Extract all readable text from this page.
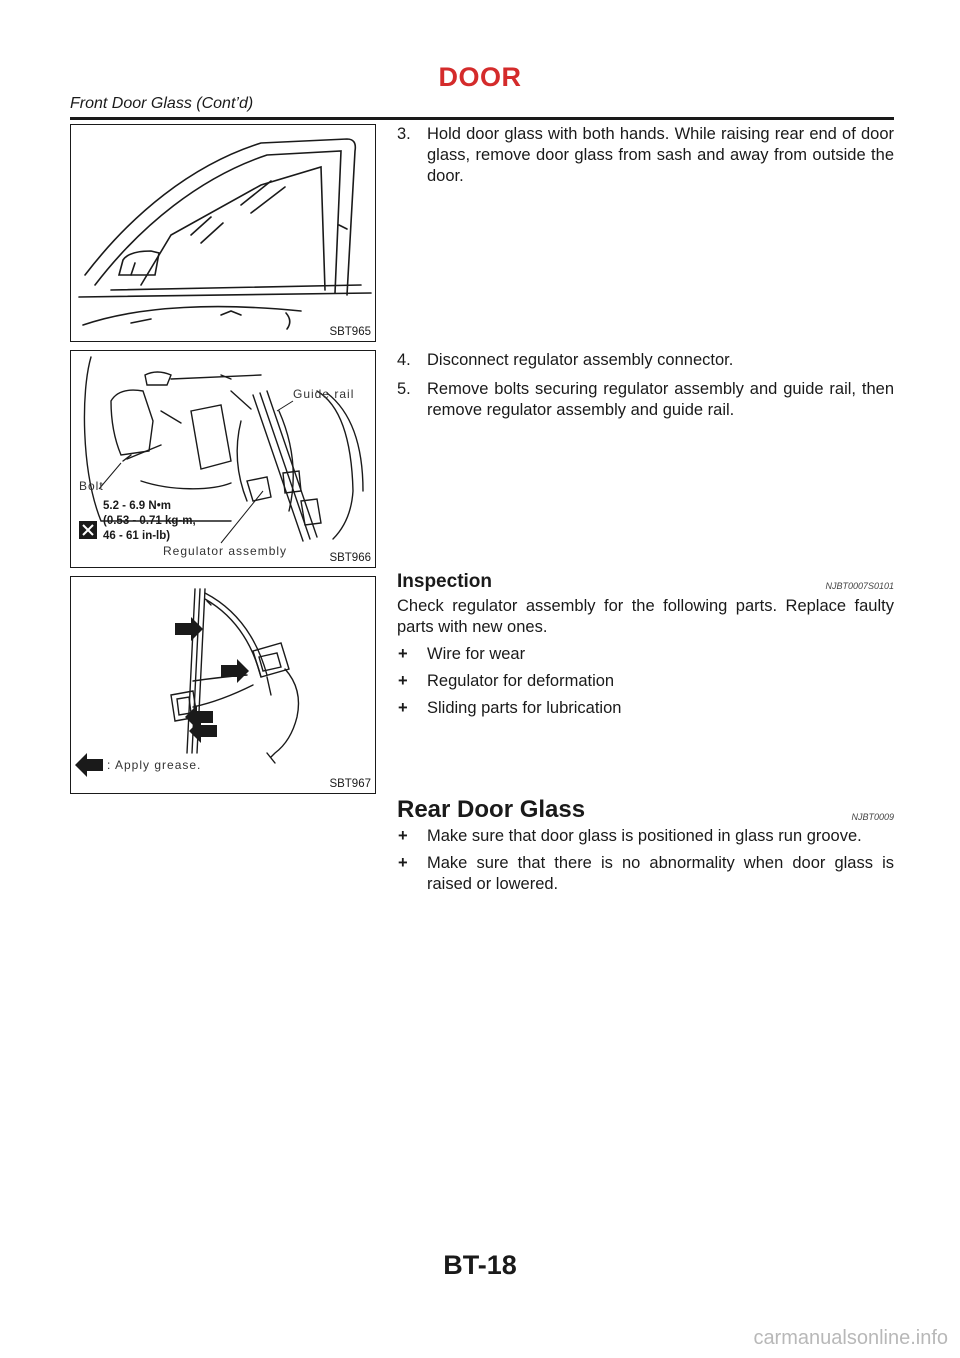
DOOR
Front Door Glass (Cont’d)
SBT965
Guide rail
Bolt
5.2 - 6.9 N•m
(0.53 - 0.71 kg-m,
46 - 61 in-lb)
Regulator assembly	SBT966
: Apply grease.
SBT967
3. Hold door glass with both hands. While raising rear end of door glass, remove door glass from sash and away from outside the door.
4. Disconnect regulator assembly connector.
5. Remove bolts securing regulator assembly and guide rail, then remove regulator assembly and guide rail.
Inspection	NJBT0007S0101
Check regulator assembly for the following parts. Replace faulty parts with new ones.
+ Wire for wear
+ Regulator for deformation
+ Sliding parts for lubrication
Rear Door Glass	NJBT0009
+ Make sure that door glass is positioned in glass run groove.
+ Make sure that there is no abnormality when door glass is raised or lowered.
BT-18
carmanualsonline.info
